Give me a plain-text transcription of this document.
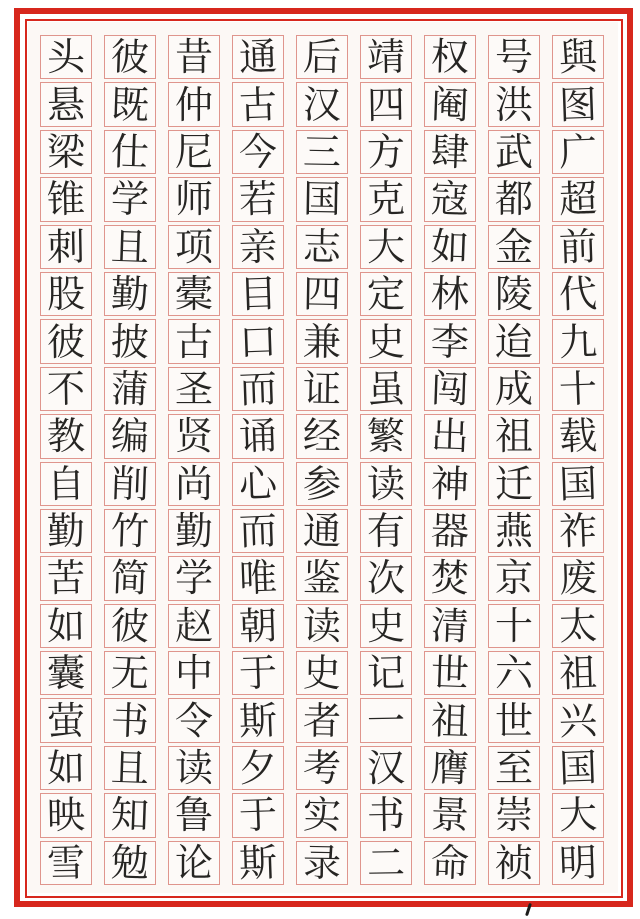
與
图
广
超
前
代
九
十
载
国
祚
废
太
祖
兴
国
大
明
号
洪
武
都
金
陵
迨
成
祖
迁
燕
京
十
六
世
至
崇
祯
权
阉
肆
寇
如
林
李
闯
出
神
器
焚
清
世
祖
膺
景
命
靖
四
方
克
大
定
史
虽
繁
读
有
次
史
记
一
汉
书
二
后
汉
三
国
志
四
兼
证
经
参
通
鉴
读
史
者
考
实
录
通
古
今
若
亲
目
口
而
诵
心
而
唯
朝
于
斯
夕
于
斯
昔
仲
尼
师
项
橐
古
圣
贤
尚
勤
学
赵
中
令
读
鲁
论
彼
既
仕
学
且
勤
披
蒲
编
削
竹
简
彼
无
书
且
知
勉
头
悬
梁
锥
刺
股
彼
不
教
自
勤
苦
如
囊
萤
如
映
雪
